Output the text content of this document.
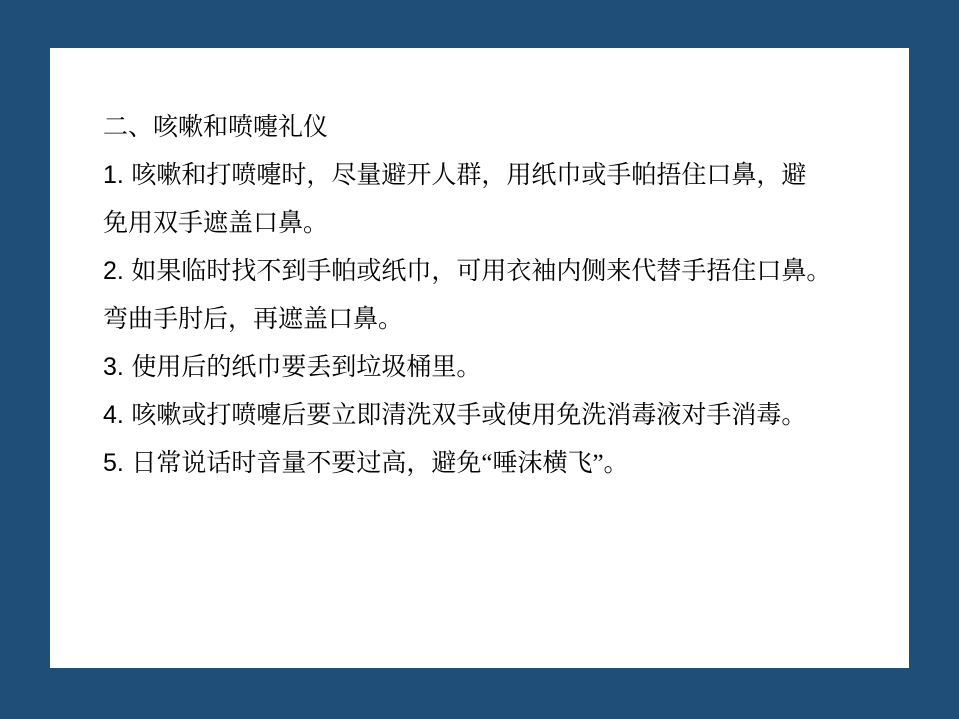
二、咳嗽和喷嚏礼仪
1. 咳嗽和打喷嚏时，尽量避开人群，用纸巾或手帕捂住口鼻，避
免用双手遮盖口鼻。
2. 如果临时找不到手帕或纸巾，可用衣袖内侧来代替手捂住口鼻。
弯曲手肘后，再遮盖口鼻。
3. 使用后的纸巾要丢到垃圾桶里。
4. 咳嗽或打喷嚏后要立即清洗双手或使用免洗消毒液对手消毒。
5. 日常说话时音量不要过高，避免“唾沫横飞”。
